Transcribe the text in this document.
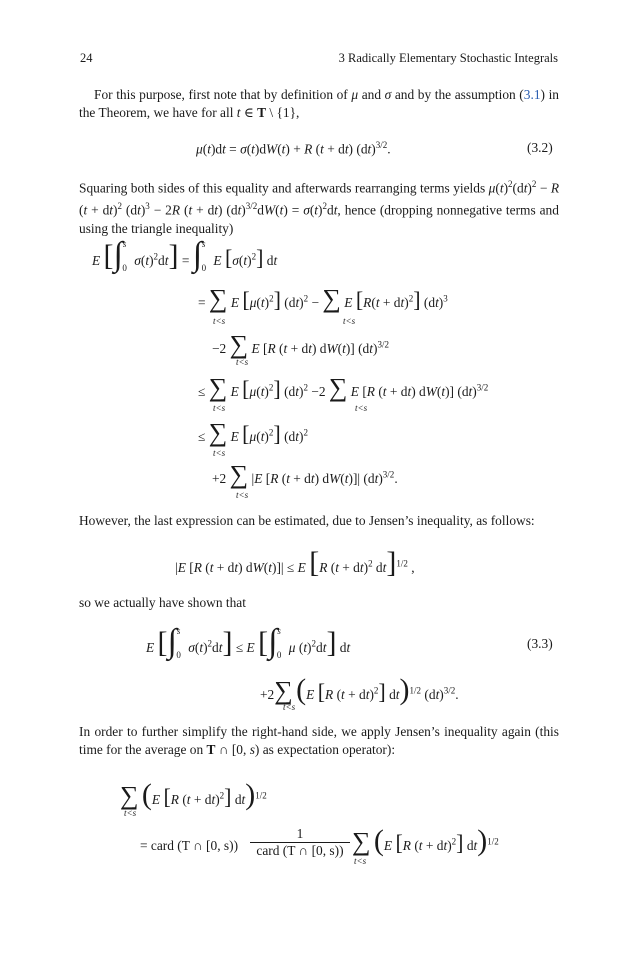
24	3 Radically Elementary Stochastic Integrals
For this purpose, first note that by definition of μ and σ and by the assumption (3.1) in the Theorem, we have for all t ∈ T \ {1},
μ(t)dt = σ(t)dW(t) + R (t + dt) (dt)$^{3/2}$.	(3.2)
Squaring both sides of this equality and afterwards rearranging terms yields $\mu(t)^2(dt)^2 - R$ (t + dt)$^2$ (dt)$^3$ − 2R (t + dt) $(dt)^{3/2}dW(t) = \sigma(t)^2dt$, hence (dropping nonnegative terms and using the triangle inequality)
E [∫$^s_0$ $\sigma(t)^2dt] = \int^s_0$ E $[\sigma(t)^2]$ dt
= ∑ E $[\mu(t)^2] (dt)^2$ − ∑ E [R(t + dt)$^2$] (dt)$^3$
t<s	t<s
−2 ∑ E [R (t + dt) dW(t)] (dt)$^{3/2}$
t<s
≤ ∑ E $[\mu(t)^2]$ (dt)$^2$ −2 ∑ E [R (t + dt) dW(t)] (dt)$^{3/2}$
t<s	t<s
≤ ∑ E $[\mu(t)^2]$ (dt)$^2$
t<s
+2 ∑ |E [R (t + dt) dW(t)]| (dt)$^{3/2}$.
t<s
However, the last expression can be estimated, due to Jensen’s inequality, as follows:
|E [R (t + dt) dW(t)]| ≤ E [R (t + dt)$^2$ dt]$^{1/2}$ ,
so we actually have shown that
E [∫$^s_0$ $\sigma(t)^2dt] \le E$ [∫$^s_0$ μ $(t)^2dt$] dt	(3.3)
+2∑ (E [R (t + dt)$^2$] dt)$^{1/2}$ (dt)$^{3/2}$.
t<s
In order to further simplify the right-hand side, we apply Jensen’s inequality again (this time for the average on T ∩ [0, s) as expectation operator):
∑ (E [R (t + dt)$^2$] dt)$^{1/2}$
t<s
= card (T ∩ [0, s))
1
card (T ∩ [0, s)) ∑ (E [R (t + dt)$^2$] dt)$^{1/2}$
t<s
